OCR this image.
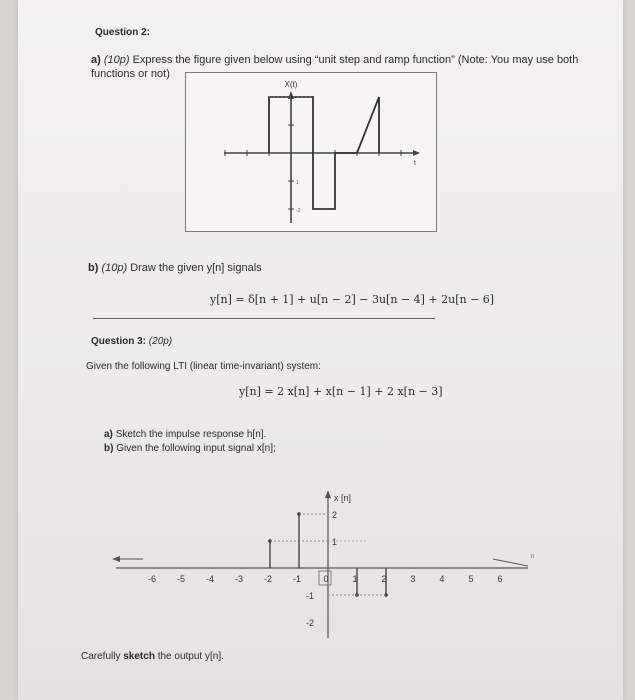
Question 2:
a) (10p) Express the figure given below using “unit step and ramp function” (Note: You may use both
functions or not)
X(t)
t
1
-2
b) (10p) Draw the given y[n] signals
y[n] = δ[n + 1] + u[n − 2] − 3u[n − 4] + 2u[n − 6]
Question 3: (20p)
Given the following LTI (linear time-invariant) system:
y[n] = 2 x[n] + x[n − 1] + 2 x[n − 3]
a) Sketch the impulse response h[n].
b) Given the following input signal x[n];
-6 -5 -4 -3 -2 -1 0	1	2	3	4	5	6
-2
-1
1
2
x [n]
n
Carefully sketch the output y[n].
